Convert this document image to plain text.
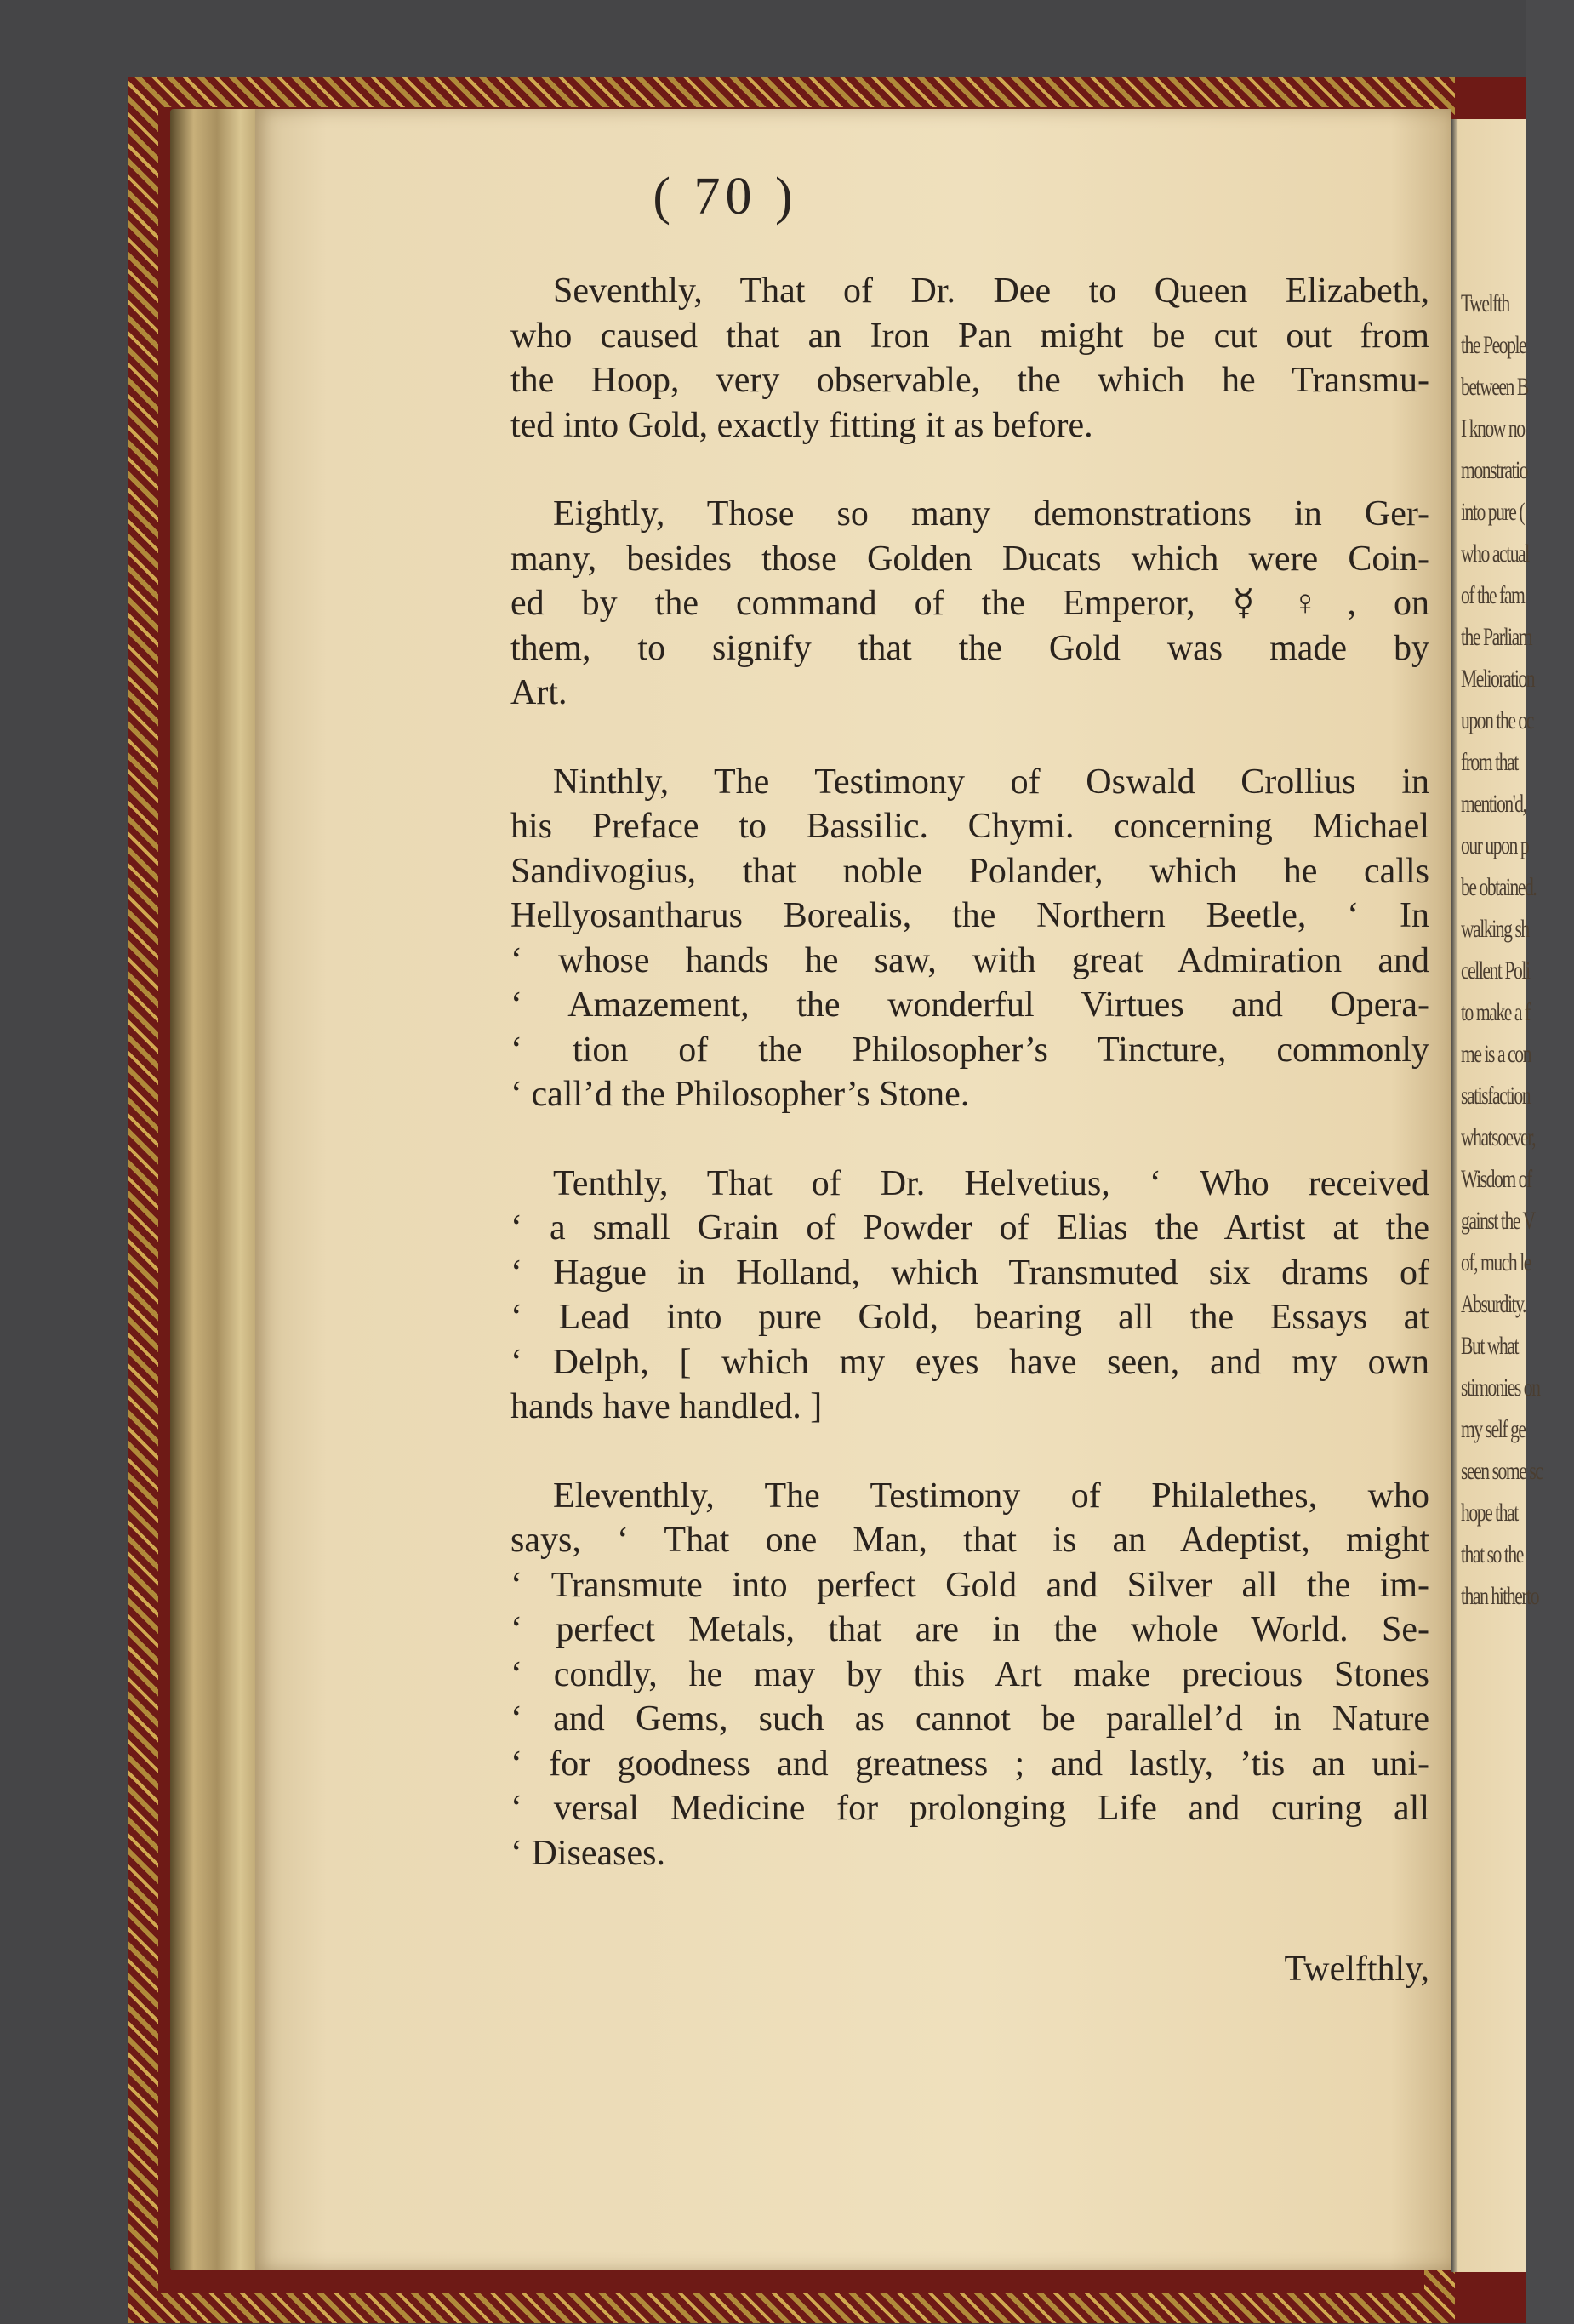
Twelfth
the People
between B
I know no
monstratio
into pure (
who actual
of the fam
the Parliam
Melioration
upon the oc
from that
mention'd,
our upon p
be obtained.
walking sh
cellent Poli
to make a f
me is a con
satisfaction
whatsoever,
Wisdom of
gainst the V
of, much le
Absurdity.
But what
stimonies on
my self ge
seen some sc
hope that
that so the
than hitherto
( 70 )
Seventhly, That of Dr. Dee to Queen Elizabeth,
who caused that an Iron Pan might be cut out from
the Hoop, very observable, the which he Transmu-
ted into Gold, exactly fitting it as before.
Eightly, Those so many demonstrations in Ger-
many, besides those Golden Ducats which were Coin-
ed by the command of the Emperor, ☿ ♀, on
them, to signify that the Gold was made by
Art.
Ninthly, The Testimony of Oswald Crollius in
his Preface to Bassilic. Chymi. concerning Michael
Sandivogius, that noble Polander, which he calls
Hellyosantharus Borealis, the Northern Beetle, ‘ In
‘ whose hands he saw, with great Admiration and
‘ Amazement, the wonderful Virtues and Opera-
‘ tion of the Philosopher’s Tincture, commonly
‘ call’d the Philosopher’s Stone.
Tenthly, That of Dr. Helvetius, ‘ Who received
‘ a small Grain of Powder of Elias the Artist at the
‘ Hague in Holland, which Transmuted six drams of
‘ Lead into pure Gold, bearing all the Essays at
‘ Delph, [ which my eyes have seen, and my own
hands have handled. ]
Eleventhly, The Testimony of Philalethes, who
says, ‘ That one Man, that is an Adeptist, might
‘ Transmute into perfect Gold and Silver all the im-
‘ perfect Metals, that are in the whole World. Se-
‘ condly, he may by this Art make precious Stones
‘ and Gems, such as cannot be parallel’d in Nature
‘ for goodness and greatness ; and lastly, ’tis an uni-
‘ versal Medicine for prolonging Life and curing all
‘ Diseases.
Twelfthly,
